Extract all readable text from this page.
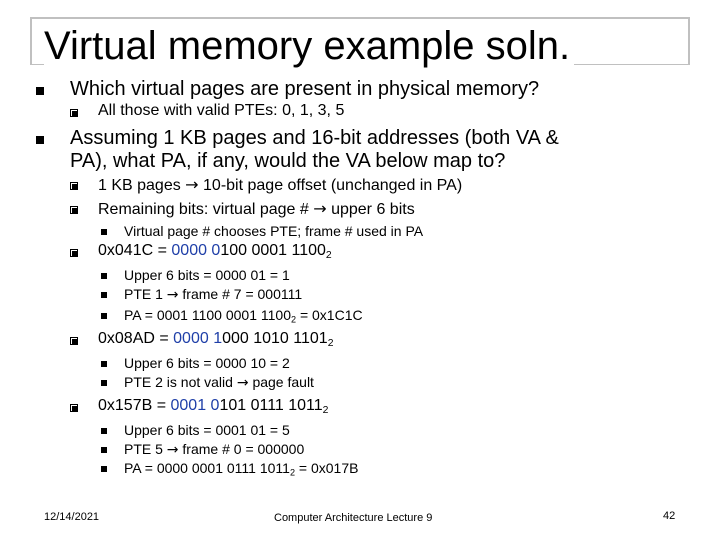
Virtual memory example soln.
Which virtual pages are present in physical memory?
All those with valid PTEs: 0, 1, 3, 5
Assuming 1 KB pages and 16-bit addresses (both VA &
PA), what PA, if any, would the VA below map to?
1 KB pages → 10-bit page offset (unchanged in PA)
Remaining bits: virtual page # → upper 6 bits
Virtual page # chooses PTE; frame # used in PA
0x041C = 0000 0100 0001 $1100_2$
Upper 6 bits = 0000 01 = 1
PTE 1 → frame # 7 = 000111
PA = 0001 1100 0001 $1100_2 = 0x1C1C$
0x08AD = 0000 1000 1010 $1101_2$
Upper 6 bits = 0000 10 = 2
PTE 2 is not valid → page fault
0x157B = 0001 0101 0111 $1011_2$
Upper 6 bits = 0001 01 = 5
PTE 5 → frame # 0 = 000000
PA = 0000 0001 0111 $1011_2 = 0x017B$
12/14/2021	Computer Architecture Lecture 9	42
